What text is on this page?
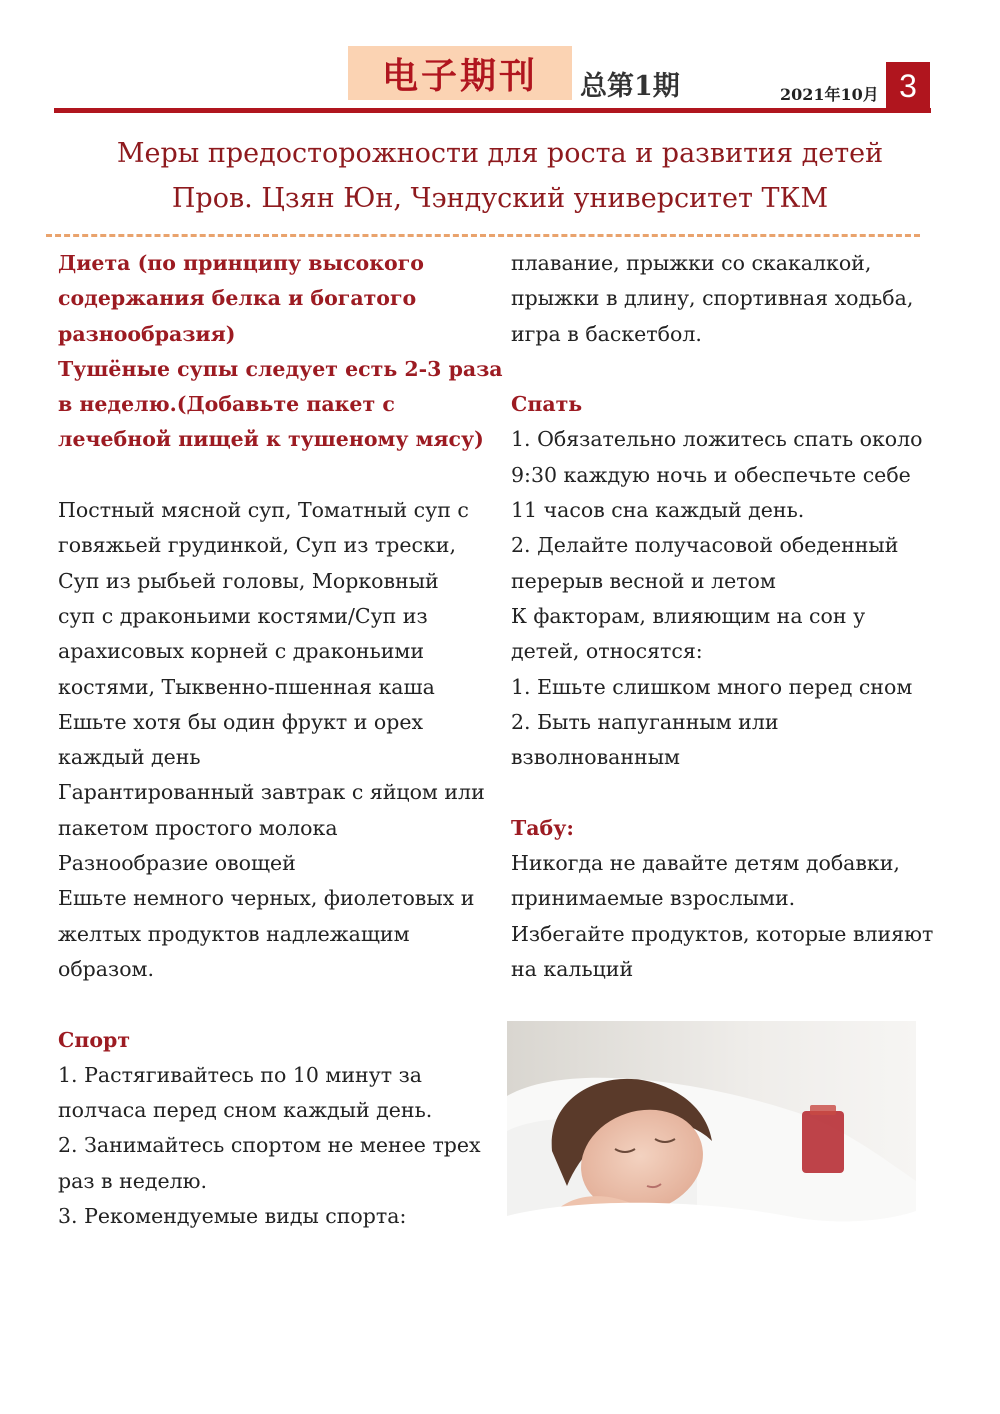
电子期刊	总第1期	2021年10月 3
Меры предосторожности для роста и развития детей
Пров. Цзян Юн, Чэндуский университет ТКМ
Диета (по принципу высокого
содержания белка и богатого
разнообразия)
Тушёные супы следует есть 2-3 раза
в неделю.(Добавьте пакет с
лечебной пищей к тушеному мясу)
Постный мясной суп, Томатный суп с
говяжьей грудинкой, Суп из трески,
Суп из рыбьей головы, Морковный
суп с драконьими костями/Суп из
арахисовых корней с драконьими
костями, Тыквенно-пшенная каша
Ешьте хотя бы один фрукт и орех
каждый день
Гарантированный завтрак с яйцом или
пакетом простого молока
Разнообразие овощей
Ешьте немного черных, фиолетовых и
желтых продуктов надлежащим
образом.
Спорт
1. Растягивайтесь по 10 минут за
полчаса перед сном каждый день.
2. Занимайтесь спортом не менее трех
раз в неделю.
3. Рекомендуемые виды спорта:
плавание, прыжки со скакалкой,
прыжки в длину, спортивная ходьба,
игра в баскетбол.
Спать
1. Обязательно ложитесь спать около
9:30 каждую ночь и обеспечьте себе
11 часов сна каждый день.
2. Делайте получасовой обеденный
перерыв весной и летом
К факторам, влияющим на сон у
детей, относятся:
1. Ешьте слишком много перед сном
2. Быть напуганным или
взволнованным
Табу:
Никогда не давайте детям добавки,
принимаемые взрослыми.
Избегайте продуктов, которые влияют
на кальций
